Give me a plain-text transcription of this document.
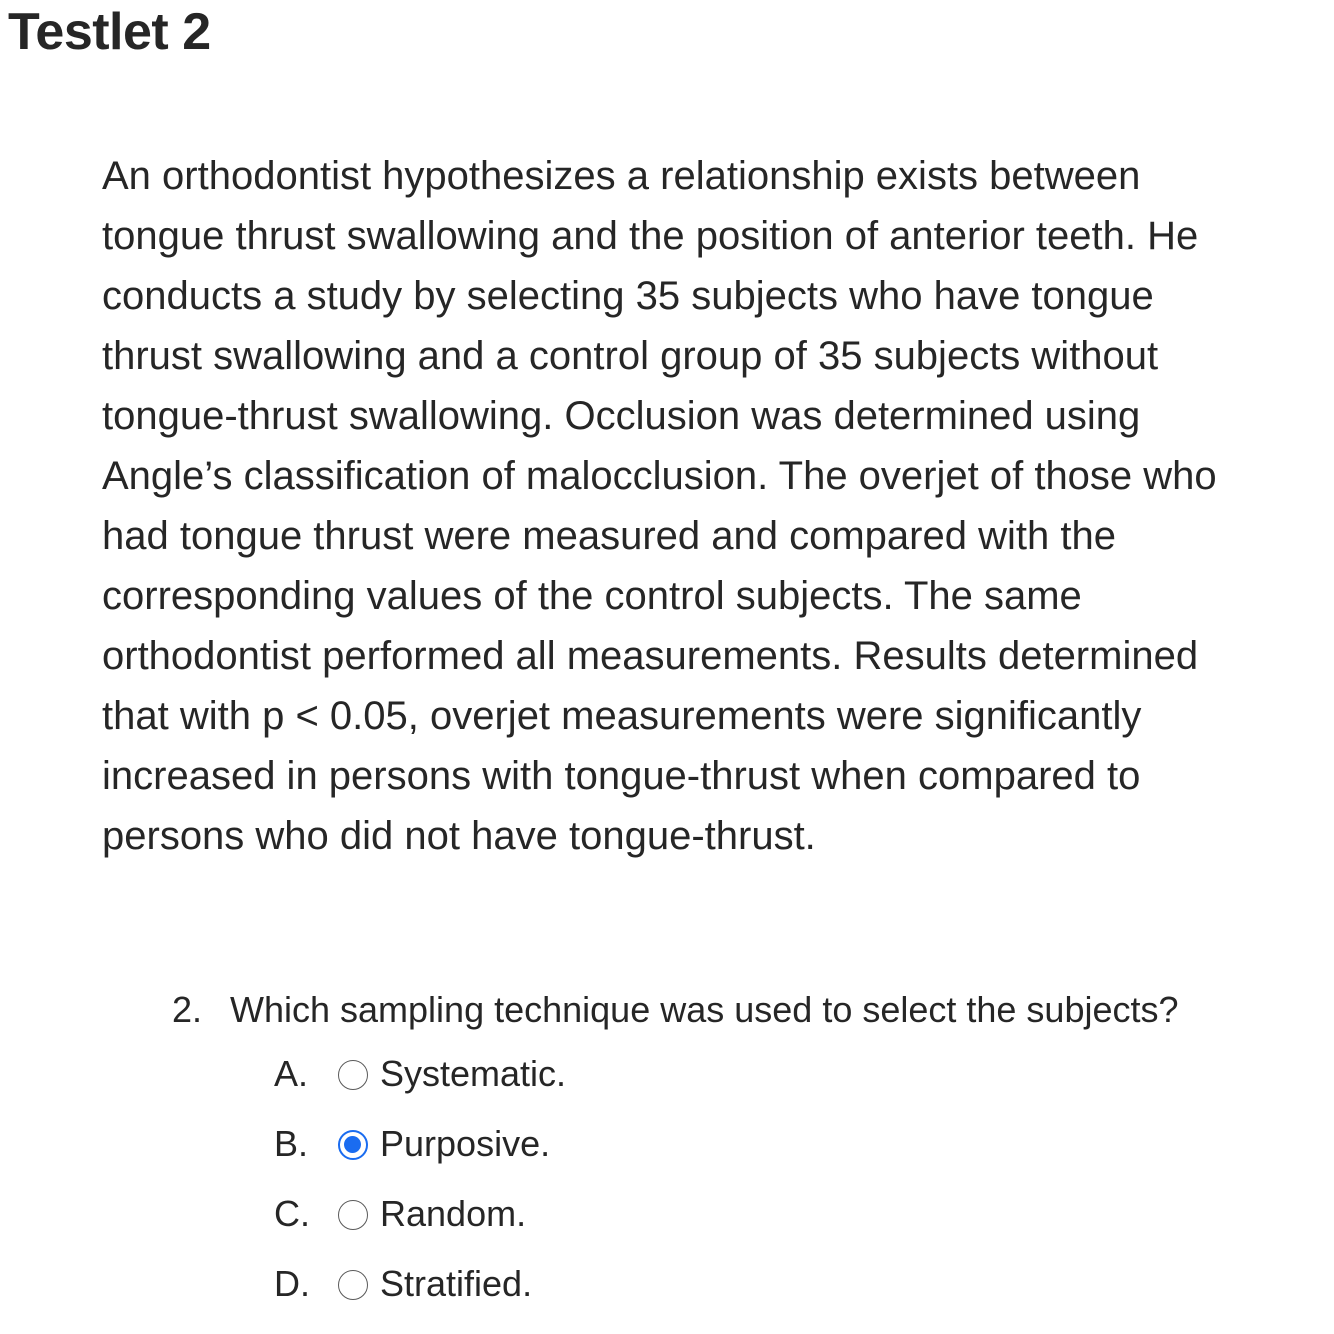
Testlet 2

An orthodontist hypothesizes a relationship exists between tongue thrust swallowing and the position of anterior teeth. He conducts a study by selecting 35 subjects who have tongue thrust swallowing and a control group of 35 subjects without tongue-thrust swallowing. Occlusion was determined using Angle’s classification of malocclusion. The overjet of those who had tongue thrust were measured and compared with the corresponding values of the control subjects. The same orthodontist performed all measurements. Results determined that with p < 0.05, overjet measurements were significantly increased in persons with tongue-thrust when compared to persons who did not have tongue-thrust.

2. Which sampling technique was used to select the subjects?
A.	Systematic.
B.	Purposive.
C.	Random.
D.	Stratified.
